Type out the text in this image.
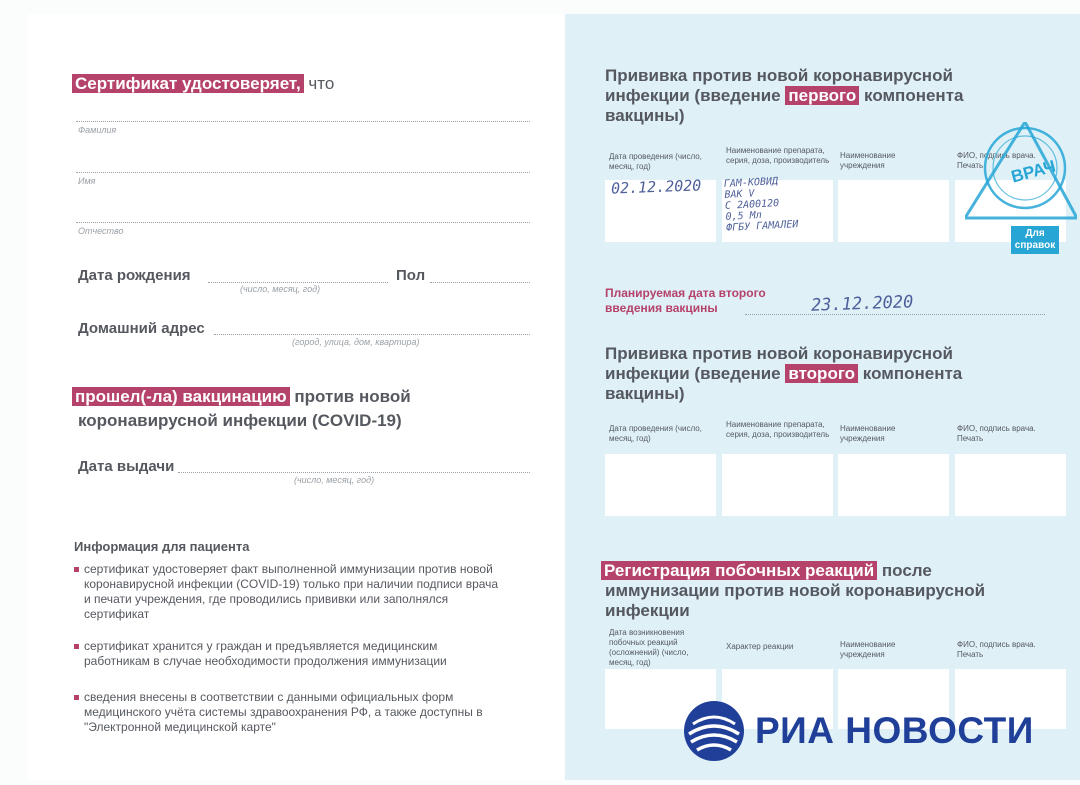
Сертификат удостоверяет, что
Фамилия
Имя
Отчество
Дата рождения
(число, месяц, год)
Пол
Домашний адрес
(город, улица, дом, квартира)
прошел(-ла) вакцинацию против новой
коронавирусной инфекции (COVID-19)
Дата выдачи
(число, месяц, год)
Информация для пациента
сертификат удостоверяет факт выполненной иммунизации против новой коронавирусной инфекции (COVID-19) только при наличии подписи врача и печати учреждения, где проводились прививки или заполнялся сертификат
сертификат хранится у граждан и предъявляется медицинским работникам в случае необходимости продолжения иммунизации
сведения внесены в соответствии с данными официальных форм медицинского учёта системы здравоохранения РФ, а также доступны в "Электронной медицинской карте"
Прививка против новой коронавирусной
инфекции (введение первого компонента
вакцины)
Дата проведения (число, месяц, год)
Наименование препарата, серия, доза, производитель
Наименование учреждения
ФИО, подпись врача. Печать
02.12.2020 ГАМ-КОВИД
ВАК V
С 2А00120
0,5 Мл
ФГБУ ГАМАЛЕИ
ВРАЧ
Для справок
Планируемая дата второго
введения вакцины	23.12.2020
Прививка против новой коронавирусной
инфекции (введение второго компонента
вакцины)
Дата проведения (число, месяц, год)
Наименование препарата, серия, доза, производитель
Наименование учреждения
ФИО, подпись врача. Печать
Регистрация побочных реакций после
иммунизации против новой коронавирусной
инфекции
Дата возникновения побочных реакций (осложнений) (число, месяц, год)
Характер реакции	Наименование учреждения
ФИО, подпись врача. Печать
РИА НОВОСТИ
